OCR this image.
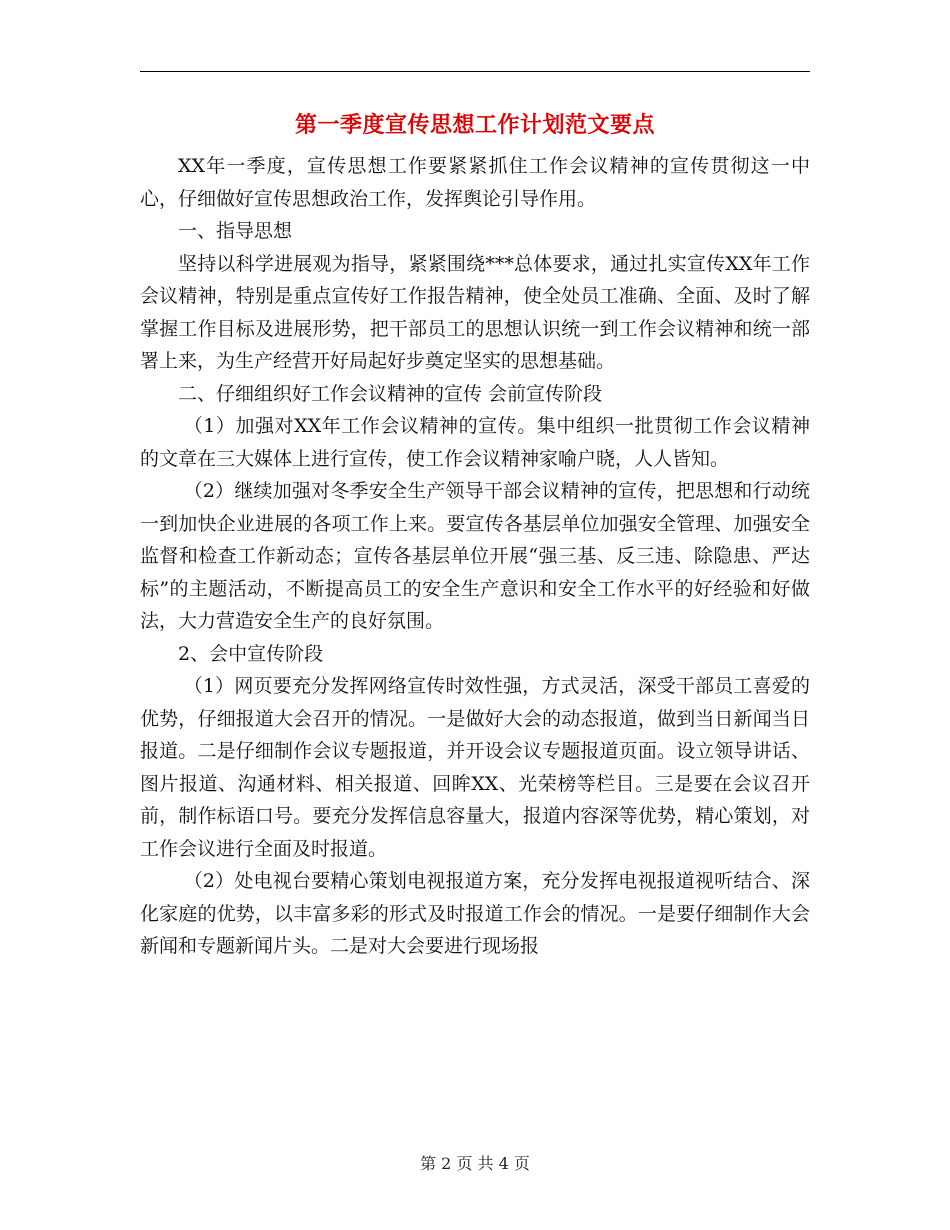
第一季度宣传思想工作计划范文要点

XX年一季度，宣传思想工作要紧紧抓住工作会议精神的宣传贯彻这一中心，仔细做好宣传思想政治工作，发挥舆论引导作用。

一、指导思想

坚持以科学进展观为指导，紧紧围绕***总体要求，通过扎实宣传XX年工作会议精神，特别是重点宣传好工作报告精神，使全处员工准确、全面、及时了解掌握工作目标及进展形势，把干部员工的思想认识统一到工作会议精神和统一部署上来，为生产经营开好局起好步奠定坚实的思想基础。

二、仔细组织好工作会议精神的宣传 会前宣传阶段

（1）加强对XX年工作会议精神的宣传。集中组织一批贯彻工作会议精神的文章在三大媒体上进行宣传，使工作会议精神家喻户晓，人人皆知。

（2）继续加强对冬季安全生产领导干部会议精神的宣传，把思想和行动统一到加快企业进展的各项工作上来。要宣传各基层单位加强安全管理、加强安全监督和检查工作新动态；宣传各基层单位开展“强三基、反三违、除隐患、严达标”的主题活动，不断提高员工的安全生产意识和安全工作水平的好经验和好做法，大力营造安全生产的良好氛围。

2、会中宣传阶段

（1）网页要充分发挥网络宣传时效性强，方式灵活，深受干部员工喜爱的优势，仔细报道大会召开的情况。一是做好大会的动态报道，做到当日新闻当日报道。二是仔细制作会议专题报道，并开设会议专题报道页面。设立领导讲话、图片报道、沟通材料、相关报道、回眸XX、光荣榜等栏目。三是要在会议召开前，制作标语口号。要充分发挥信息容量大，报道内容深等优势，精心策划，对工作会议进行全面及时报道。

（2）处电视台要精心策划电视报道方案，充分发挥电视报道视听结合、深化家庭的优势，以丰富多彩的形式及时报道工作会的情况。一是要仔细制作大会新闻和专题新闻片头。二是对大会要进行现场报

第 2 页 共 4 页
